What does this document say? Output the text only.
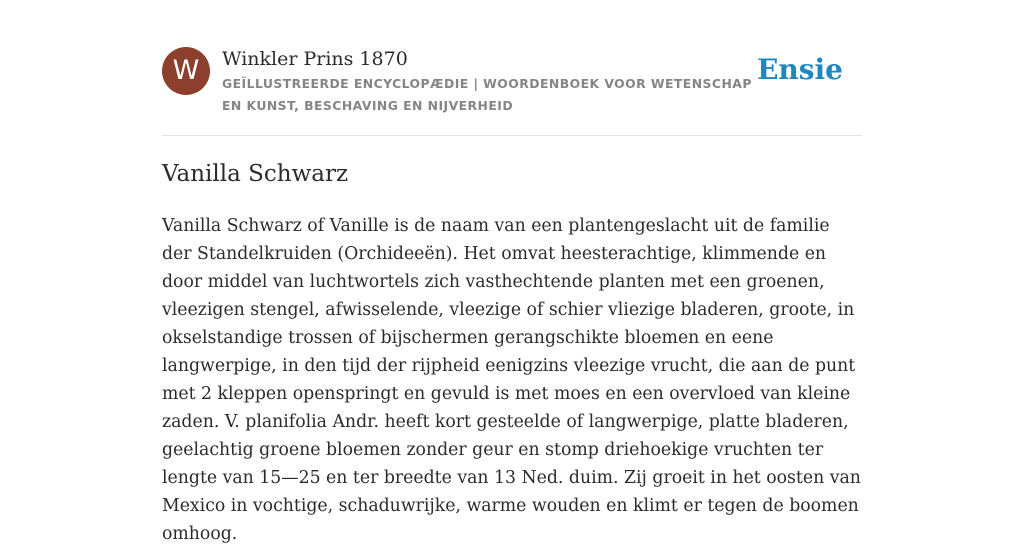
W	Winkler Prins 1870
GEÏLLUSTREERDE ENCYCLOPÆDIE | WOORDENBOEK VOOR WETENSCHAP EN KUNST, BESCHAVING EN NIJVERHEID
Ensie
Vanilla Schwarz

Vanilla Schwarz of Vanille is de naam van een plantengeslacht uit de familie der Standelkruiden (Orchideeën). Het omvat heesterachtige, klimmende en door middel van luchtwortels zich vasthechtende planten met een groenen, vleezigen stengel, afwisselende, vleezige of schier vliezige bladeren, groote, in okselstandige trossen of bijschermen gerangschikte bloemen en eene langwerpige, in den tijd der rijpheid eenigzins vleezige vrucht, die aan de punt met 2 kleppen openspringt en gevuld is met moes en een overvloed van kleine zaden. V. planifolia Andr. heeft kort gesteelde of langwerpige, platte bladeren, geelachtig groene bloemen zonder geur en stomp driehoekige vruchten ter lengte van 15—25 en ter breedte van 13 Ned. duim. Zij groeit in het oosten van Mexico in vochtige, schaduwrijke, warme wouden en klimt er tegen de boomen omhoog.
